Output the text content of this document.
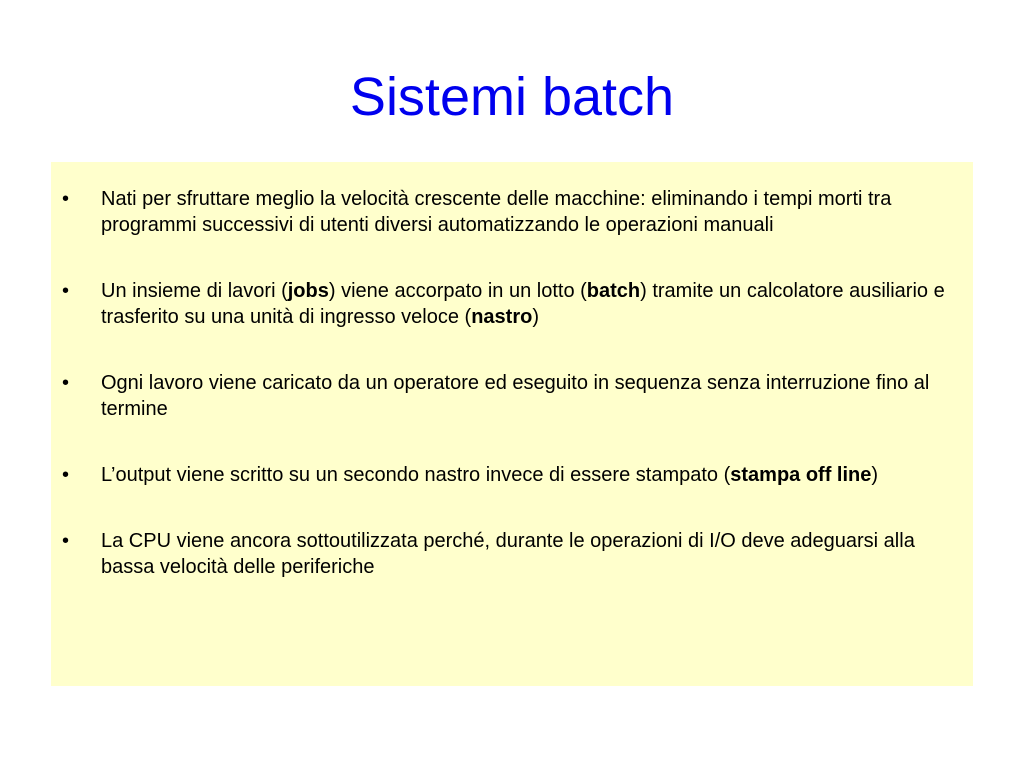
Sistemi batch
• Nati per sfruttare meglio la velocità crescente delle macchine: eliminando i tempi morti tra programmi successivi di utenti diversi automatizzando le operazioni manuali
• Un insieme di lavori (jobs) viene accorpato in un lotto (batch) tramite un calcolatore ausiliario e trasferito su una unità di ingresso veloce (nastro)
• Ogni lavoro viene caricato da un operatore ed eseguito in sequenza senza interruzione fino al termine
• L’output viene scritto su un secondo nastro invece di essere stampato (stampa off line)
• La CPU viene ancora sottoutilizzata perché, durante le operazioni di I/O deve adeguarsi alla bassa velocità delle periferiche
